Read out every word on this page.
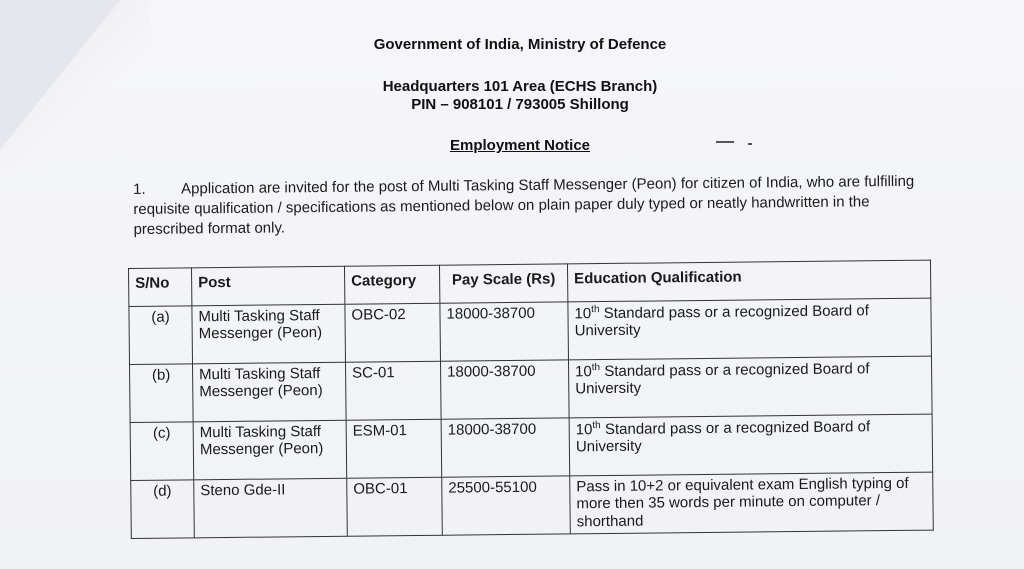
Government of India, Ministry of Defence
Headquarters 101 Area (ECHS Branch)
PIN – 908101 / 793005 Shillong
Employment Notice
1. Application are invited for the post of Multi Tasking Staff Messenger (Peon) for citizen of India, who are fulfilling requisite qualification / specifications as mentioned below on plain paper duly typed or neatly handwritten in the prescribed format only.
S/No	Post	Category	Pay Scale (Rs)	Education Qualification
(a)	Multi Tasking Staff Messenger (Peon)	OBC-02	18000-38700	10th Standard pass or a recognized Board of University
(b)	Multi Tasking Staff Messenger (Peon)	SC-01	18000-38700	10th Standard pass or a recognized Board of University
(c)	Multi Tasking Staff Messenger (Peon)	ESM-01	18000-38700	10th Standard pass or a recognized Board of University
(d)	Steno Gde-II	OBC-01	25500-55100	Pass in 10+2 or equivalent exam English typing of more then 35 words per minute on computer / shorthand
